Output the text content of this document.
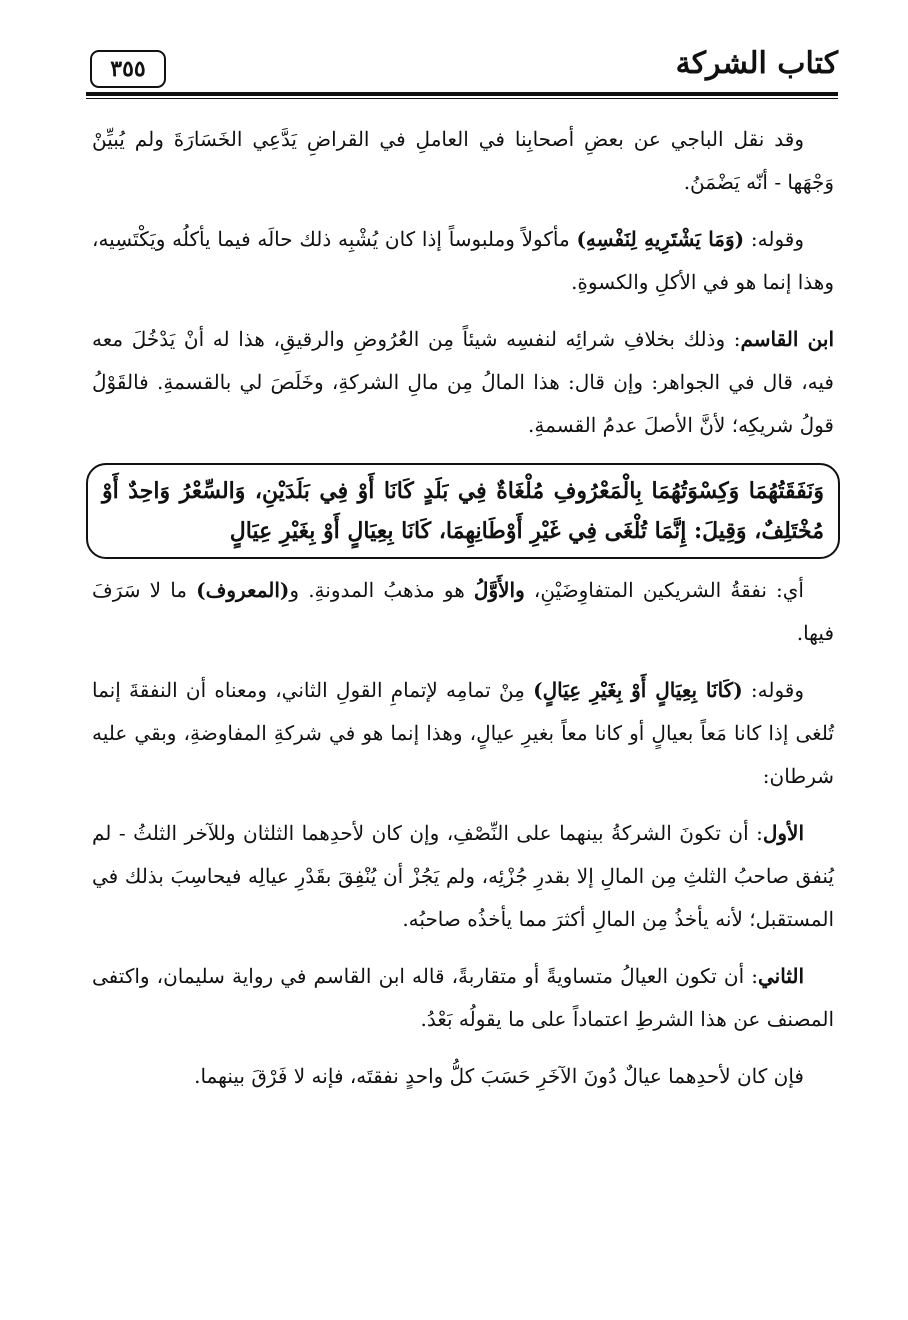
كتاب الشركة
٣٥٥

وقد نقل الباجي عن بعضِ أصحابِنا في العاملِ في القراضِ يَدَّعِي الخَسَارَةَ ولم يُبيِّنْ وَجْهَها - أنّه يَضْمَنُ.

وقوله: (وَمَا يَشْتَرِيهِ لِنَفْسِهِ) مأكولاً وملبوساً إذا كان يُشْبِه ذلك حالَه فيما يأكلُه ويَكْتَسِيه، وهذا إنما هو في الأكلِ والكسوةِ.

ابن القاسم: وذلك بخلافِ شرائِه لنفسِه شيئاً مِن العُرُوضِ والرقيقِ، هذا له أنْ يَدْخُلَ معه فيه، قال في الجواهر: وإن قال: هذا المالُ مِن مالِ الشركةِ، وخَلَصَ لي بالقسمةِ. فالقَوْلُ قولُ شريكِه؛ لأنَّ الأصلَ عدمُ القسمةِ.

وَنَفَقَتُهُمَا وَكِسْوَتُهُمَا بِالْمَعْرُوفِ مُلْغَاةٌ فِي بَلَدٍ كَانَا أَوْ فِي بَلَدَيْنِ، وَالسِّعْرُ وَاحِدٌ أَوْ مُخْتَلِفٌ، وَقِيلَ: إِنَّمَا تُلْغَى فِي غَيْرِ أَوْطَانِهِمَا، كَانَا بِعِيَالٍ أَوْ بِغَيْرِ عِيَالٍ

أي: نفقةُ الشريكين المتفاوِضَيْنِ، والأَوَّلُ هو مذهبُ المدونةِ. و(المعروف) ما لا سَرَفَ فيها.

وقوله: (كَانَا بِعِيَالٍ أَوْ بِغَيْرِ عِيَالٍ) مِنْ تمامِه لإتمامِ القولِ الثاني، ومعناه أن النفقةَ إنما تُلغى إذا كانا مَعاً بعيالٍ أو كانا معاً بغيرِ عيالٍ، وهذا إنما هو في شركةِ المفاوضةِ، وبقي عليه شرطان:

الأول: أن تكونَ الشركةُ بينهما على النِّصْفِ، وإن كان لأحدِهما الثلثان وللآخر الثلثُ - لم يُنفق صاحبُ الثلثِ مِن المالِ إلا بقدرِ جُزْئِه، ولم يَجُزْ أن يُنْفِقَ بقَدْرِ عيالِه فيحاسِبَ بذلك في المستقبل؛ لأنه يأخذُ مِن المالِ أكثرَ مما يأخذُه صاحبُه.

الثاني: أن تكون العيالُ متساويةً أو متقاربةً، قاله ابن القاسم في رواية سليمان، واكتفى المصنف عن هذا الشرطِ اعتماداً على ما يقولُه بَعْدُ.

فإن كان لأحدِهما عيالٌ دُونَ الآخَرِ حَسَبَ كلُّ واحدٍ نفقتَه، فإنه لا فَرْقَ بينهما.
